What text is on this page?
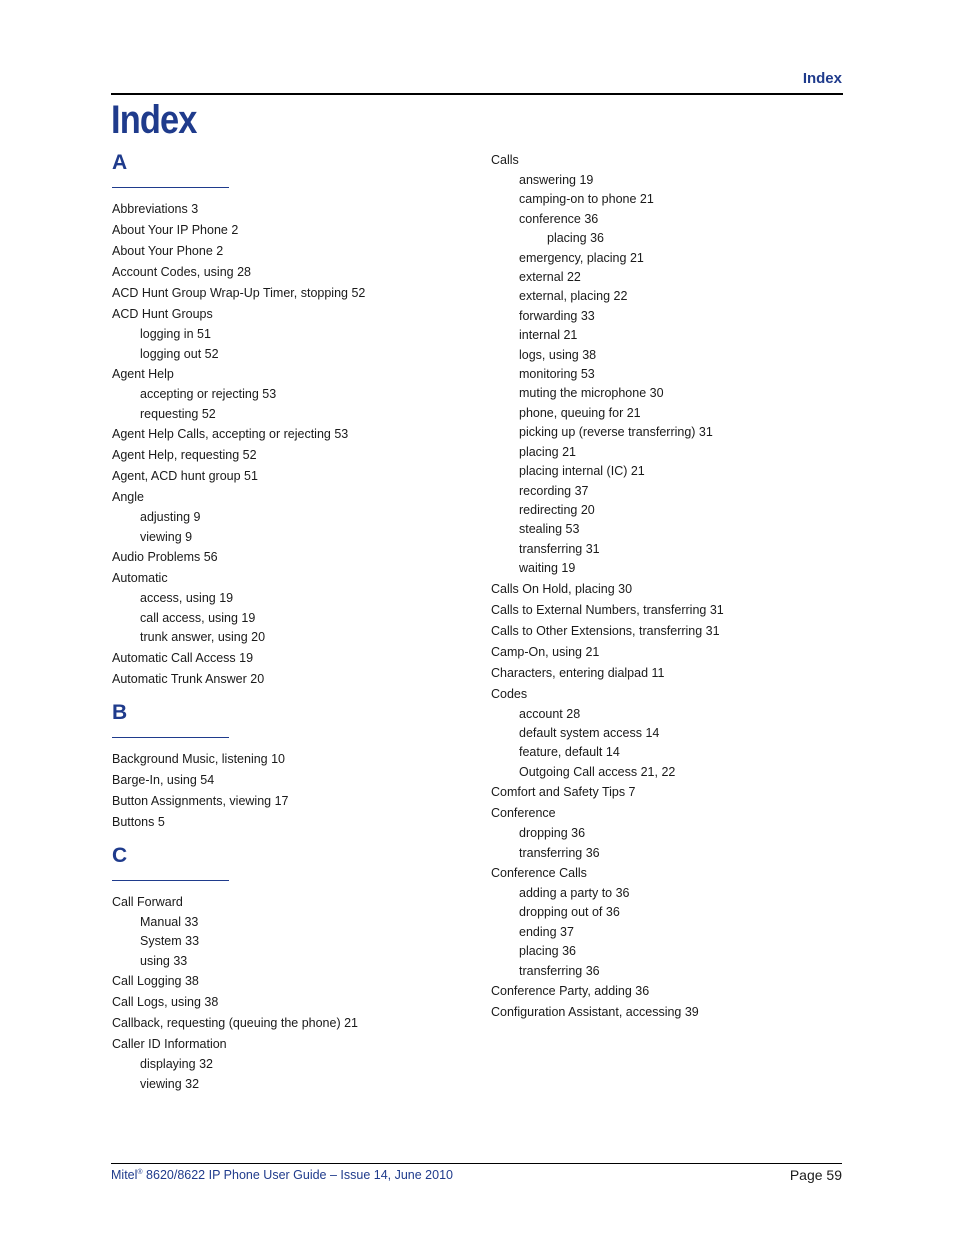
Index
Index
A
Abbreviations 3
About Your IP Phone 2
About Your Phone 2
Account Codes, using 28
ACD Hunt Group Wrap-Up Timer, stopping 52
ACD Hunt Groups
logging in 51
logging out 52
Agent Help
accepting or rejecting 53
requesting 52
Agent Help Calls, accepting or rejecting 53
Agent Help, requesting 52
Agent, ACD hunt group 51
Angle
adjusting 9
viewing 9
Audio Problems 56
Automatic
access, using 19
call access, using 19
trunk answer, using 20
Automatic Call Access 19
Automatic Trunk Answer 20
B
Background Music, listening 10
Barge-In, using 54
Button Assignments, viewing 17
Buttons 5
C
Call Forward
Manual 33
System 33
using 33
Call Logging 38
Call Logs, using 38
Callback, requesting (queuing the phone) 21
Caller ID Information
displaying 32
viewing 32
Calls
answering 19
camping-on to phone 21
conference 36
placing 36
emergency, placing 21
external 22
external, placing 22
forwarding 33
internal 21
logs, using 38
monitoring 53
muting the microphone 30
phone, queuing for 21
picking up (reverse transferring) 31
placing 21
placing internal (IC) 21
recording 37
redirecting 20
stealing 53
transferring 31
waiting 19
Calls On Hold, placing 30
Calls to External Numbers, transferring 31
Calls to Other Extensions, transferring 31
Camp-On, using 21
Characters, entering dialpad 11
Codes
account 28
default system access 14
feature, default 14
Outgoing Call access 21, 22
Comfort and Safety Tips 7
Conference
dropping 36
transferring 36
Conference Calls
adding a party to 36
dropping out of 36
ending 37
placing 36
transferring 36
Conference Party, adding 36
Configuration Assistant, accessing 39
Mitel® 8620/8622 IP Phone User Guide – Issue 14, June 2010	Page 59
